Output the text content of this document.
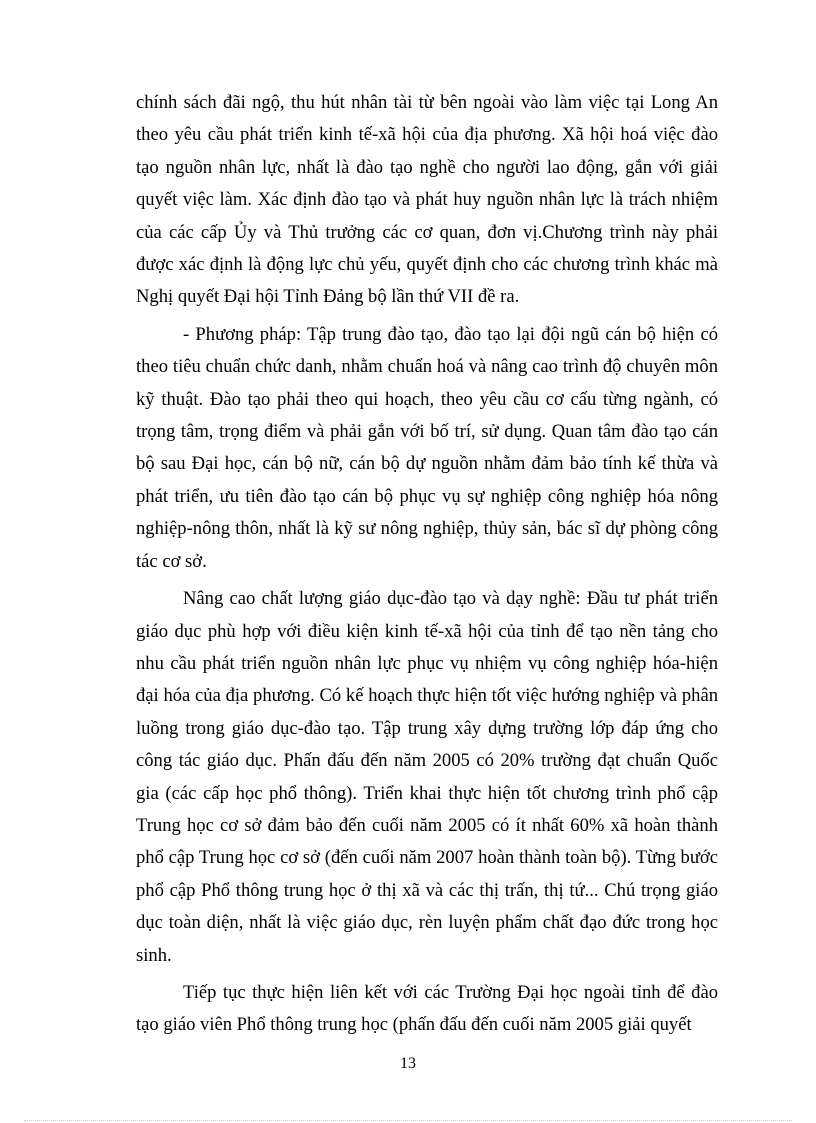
chính sách đãi ngộ, thu hút nhân tài từ bên ngoài vào làm việc tại Long An theo yêu cầu phát triển kinh tế-xã hội của địa phương. Xã hội hoá việc đào tạo nguồn nhân lực, nhất là đào tạo nghề cho người lao động, gắn với giải quyết việc làm. Xác định đào tạo và phát huy nguồn nhân lực là trách nhiệm của các cấp Ủy và Thủ trưởng các cơ quan, đơn vị.Chương trình này phải được xác định là động lực chủ yếu, quyết định cho các chương trình khác mà Nghị quyết Đại hội Tỉnh Đảng bộ lần thứ VII đề ra.

- Phương pháp: Tập trung đào tạo, đào tạo lại đội ngũ cán bộ hiện có theo tiêu chuẩn chức danh, nhằm chuẩn hoá và nâng cao trình độ chuyên môn kỹ thuật. Đào tạo phải theo qui hoạch, theo yêu cầu cơ cấu từng ngành, có trọng tâm, trọng điểm và phải gắn với bố trí, sử dụng. Quan tâm đào tạo cán bộ sau Đại học, cán bộ nữ, cán bộ dự nguồn nhằm đảm bảo tính kế thừa và phát triển, ưu tiên đào tạo cán bộ phục vụ sự nghiệp công nghiệp hóa nông nghiệp-nông thôn, nhất là kỹ sư nông nghiệp, thủy sản, bác sĩ dự phòng công tác cơ sở.

Nâng cao chất lượng giáo dục-đào tạo và dạy nghề: Đầu tư phát triển giáo dục phù hợp với điều kiện kinh tế-xã hội của tỉnh để tạo nền tảng cho nhu cầu phát triển nguồn nhân lực phục vụ nhiệm vụ công nghiệp hóa-hiện đại hóa của địa phương. Có kế hoạch thực hiện tốt việc hướng nghiệp và phân luồng trong giáo dục-đào tạo. Tập trung xây dựng trường lớp đáp ứng cho công tác giáo dục. Phấn đấu đến năm 2005 có 20% trường đạt chuẩn Quốc gia (các cấp học phổ thông). Triển khai thực hiện tốt chương trình phổ cập Trung học cơ sở đảm bảo đến cuối năm 2005 có ít nhất 60% xã hoàn thành phổ cập Trung học cơ sở (đến cuối năm 2007 hoàn thành toàn bộ). Từng bước phổ cập Phổ thông trung học ở thị xã và các thị trấn, thị tứ... Chú trọng giáo dục toàn diện, nhất là việc giáo dục, rèn luyện phẩm chất đạo đức trong học sinh.

Tiếp tục thực hiện liên kết với các Trường Đại học ngoài tỉnh để đào tạo giáo viên Phổ thông trung học (phấn đấu đến cuối năm 2005 giải quyết

13
